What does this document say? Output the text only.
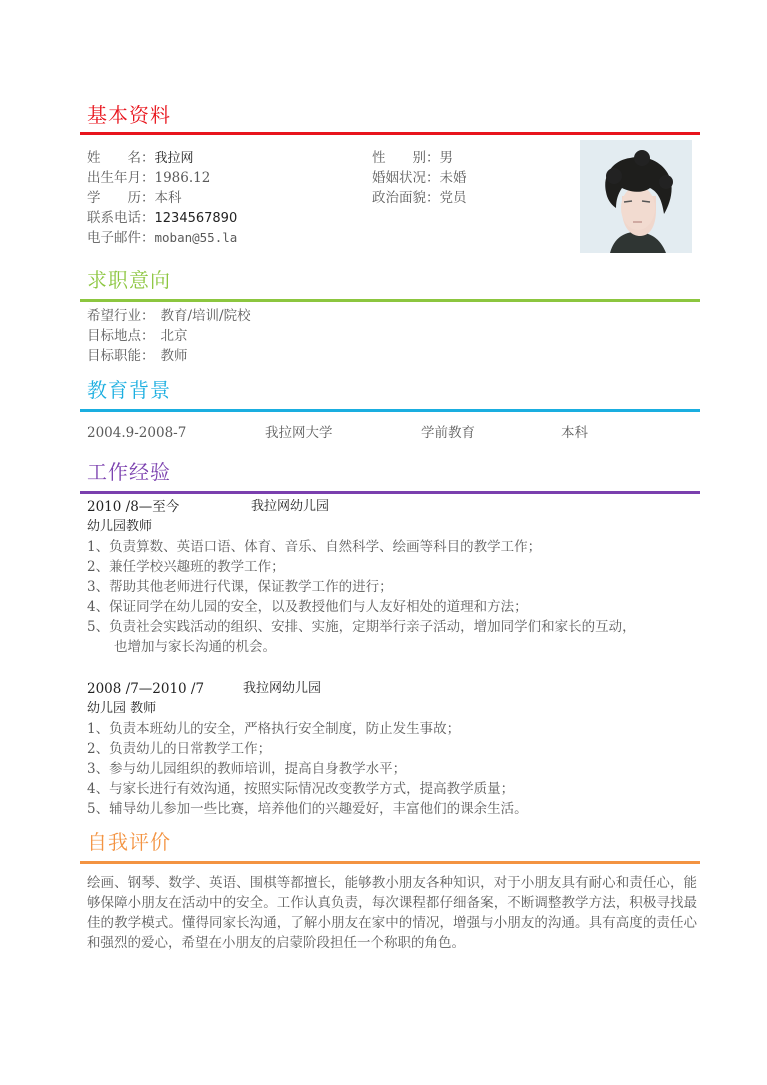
基本资料
姓　　名：我拉网
出生年月：1986.12
学　　历：本科
联系电话：1234567890
电子邮件：moban@55.la
性　　别：男
婚姻状况：未婚
政治面貌：党员
求职意向
希望行业： 教育/培训/院校
目标地点： 北京
目标职能： 教师
教育背景
2004.9-2008-7	我拉网大学	学前教育	本科
工作经验
2010 /8—至今	我拉网幼儿园
幼儿园教师
1、负责算数、英语口语、体育、音乐、自然科学、绘画等科目的教学工作；
2、兼任学校兴趣班的教学工作；
3、帮助其他老师进行代课，保证教学工作的进行；
4、保证同学在幼儿园的安全，以及教授他们与人友好相处的道理和方法；
5、负责社会实践活动的组织、安排、实施，定期举行亲子活动，增加同学们和家长的互动，
也增加与家长沟通的机会。
2008 /7—2010 /7	我拉网幼儿园
幼儿园 教师
1、负责本班幼儿的安全，严格执行安全制度，防止发生事故；
2、负责幼儿的日常教学工作；
3、参与幼儿园组织的教师培训，提高自身教学水平；
4、与家长进行有效沟通，按照实际情况改变教学方式，提高教学质量；
5、辅导幼儿参加一些比赛，培养他们的兴趣爱好，丰富他们的课余生活。
自我评价
绘画、钢琴、数学、英语、围棋等都擅长，能够教小朋友各种知识，对于小朋友具有耐心和责任心，能够保障小朋友在活动中的安全。工作认真负责，每次课程都仔细备案，不断调整教学方法，积极寻找最佳的教学模式。懂得同家长沟通，了解小朋友在家中的情况，增强与小朋友的沟通。具有高度的责任心和强烈的爱心，希望在小朋友的启蒙阶段担任一个称职的角色。
